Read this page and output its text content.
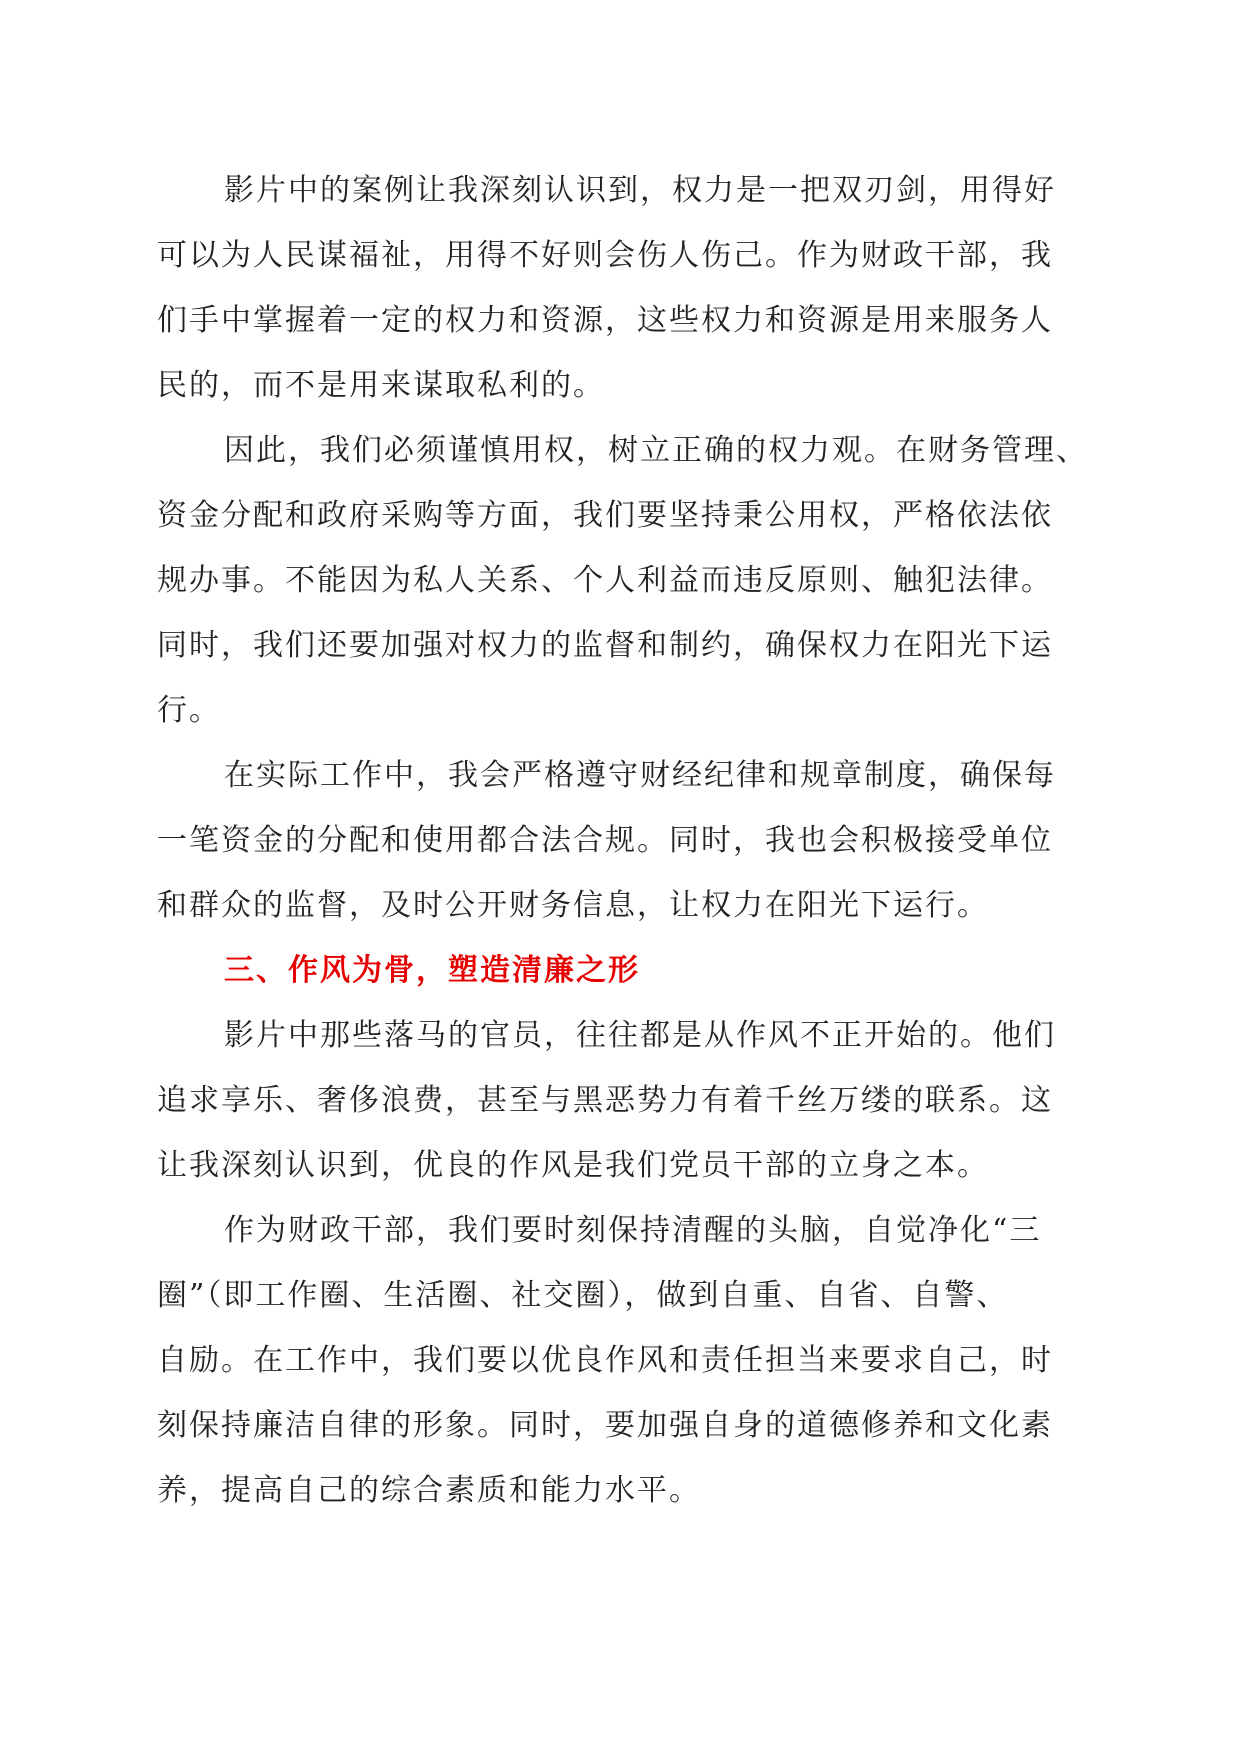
影片中的案例让我深刻认识到，权力是一把双刃剑，用得好
可以为人民谋福祉，用得不好则会伤人伤己。作为财政干部，我
们手中掌握着一定的权力和资源，这些权力和资源是用来服务人
民的，而不是用来谋取私利的。
因此，我们必须谨慎用权，树立正确的权力观。在财务管理、
资金分配和政府采购等方面，我们要坚持秉公用权，严格依法依
规办事。不能因为私人关系、个人利益而违反原则、触犯法律。
同时，我们还要加强对权力的监督和制约，确保权力在阳光下运
行。
在实际工作中，我会严格遵守财经纪律和规章制度，确保每
一笔资金的分配和使用都合法合规。同时，我也会积极接受单位
和群众的监督，及时公开财务信息，让权力在阳光下运行。
三、作风为骨，塑造清廉之形
影片中那些落马的官员，往往都是从作风不正开始的。他们
追求享乐、奢侈浪费，甚至与黑恶势力有着千丝万缕的联系。这
让我深刻认识到，优良的作风是我们党员干部的立身之本。
作为财政干部，我们要时刻保持清醒的头脑，自觉净化“三
圈”（即工作圈、生活圈、社交圈），做到自重、自省、自警、
自励。在工作中，我们要以优良作风和责任担当来要求自己，时
刻保持廉洁自律的形象。同时，要加强自身的道德修养和文化素
养，提高自己的综合素质和能力水平。
